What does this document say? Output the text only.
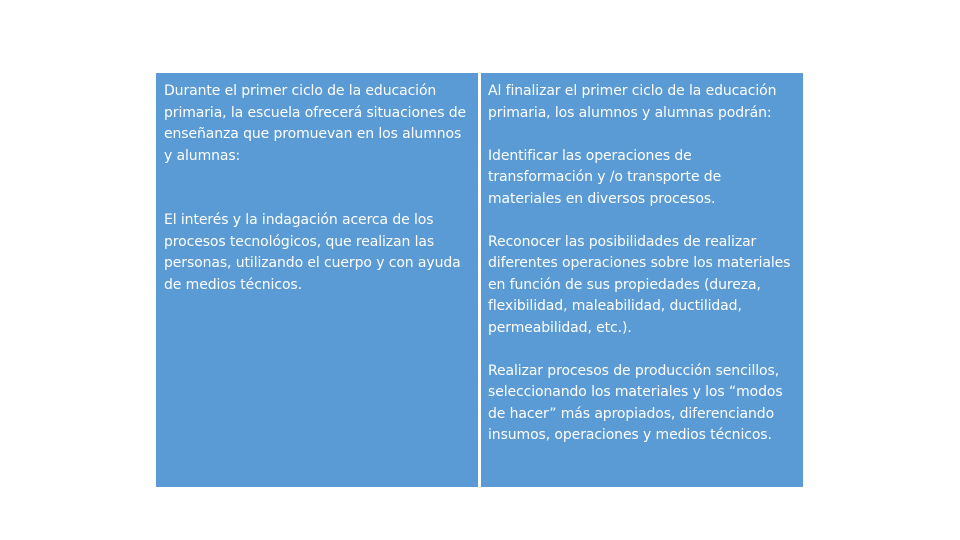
Durante el primer ciclo de la educación primaria, la escuela ofrecerá situaciones de enseñanza que promuevan en los alumnos y alumnas:

El interés y la indagación acerca de los procesos tecnológicos, que realizan las personas, utilizando el cuerpo y con ayuda de medios técnicos.

Al finalizar el primer ciclo de la educación primaria, los alumnos y alumnas podrán:

Identificar las operaciones de transformación y /o transporte de materiales en diversos procesos.

Reconocer las posibilidades de realizar diferentes operaciones sobre los materiales en función de sus propiedades (dureza, flexibilidad, maleabilidad, ductilidad, permeabilidad, etc.).

Realizar procesos de producción sencillos, seleccionando los materiales y los “modos de hacer” más apropiados, diferenciando insumos, operaciones y medios técnicos.
